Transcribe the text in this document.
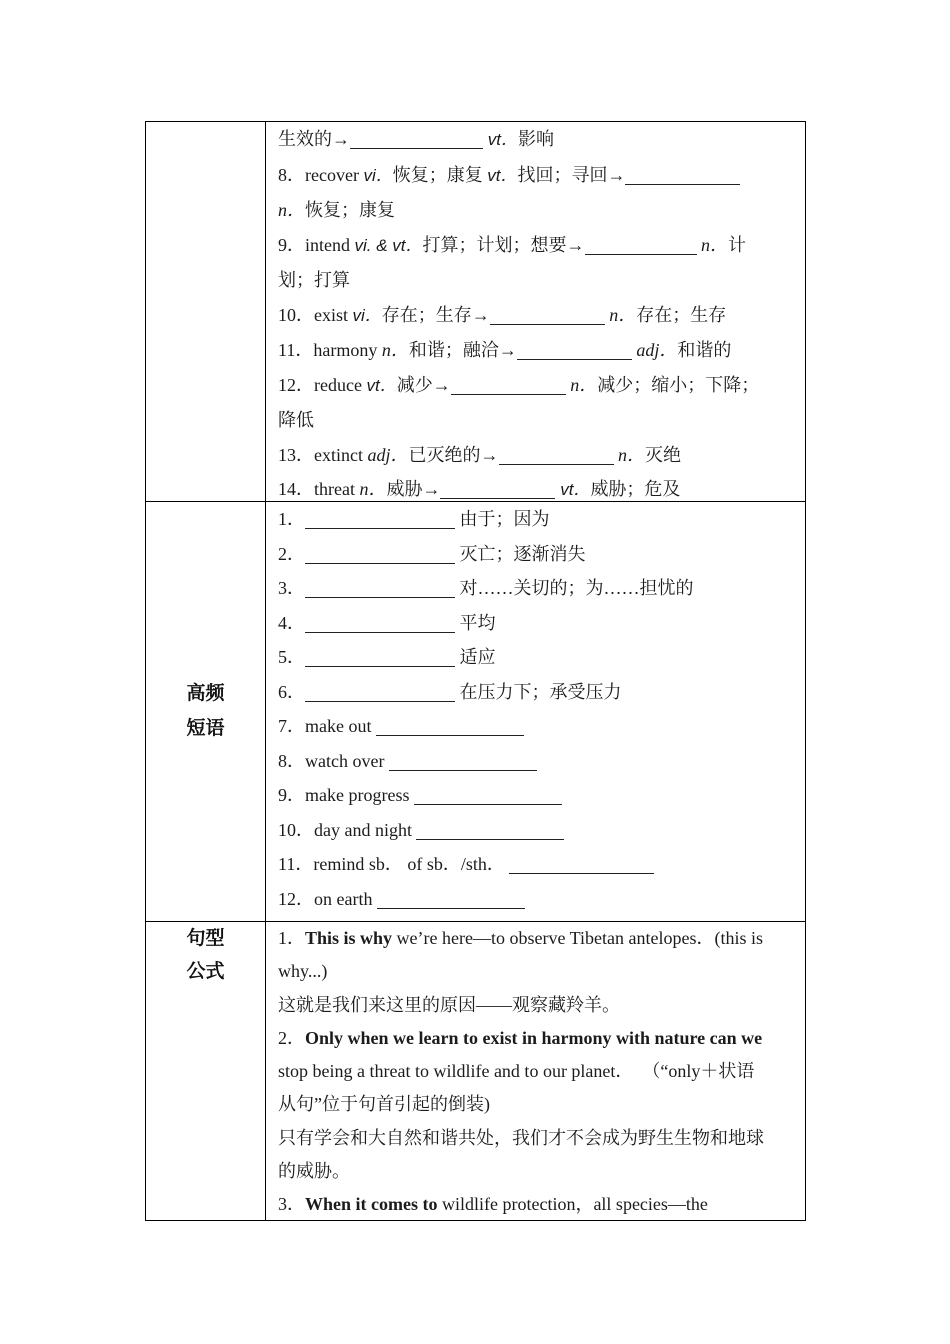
生效的→	vt．影响
8．recover vi．恢复；康复 vt．找回；寻回→
n．恢复；康复
9．intend vi. & vt．打算；计划；想要→	n．计
划；打算
10．exist vi．存在；生存→	n．存在；生存
11．harmony n．和谐；融洽→	adj．和谐的
12．reduce vt．减少→	n．减少；缩小；下降；
降低
13．extinct adj．已灭绝的→	n．灭绝
14．threat n．威胁→	vt．威胁；危及
高频
短语
1．	由于；因为
2．	灭亡；逐渐消失
3．	对……关切的；为……担忧的
4．	平均
5．	适应
6．	在压力下；承受压力
7．make out
8．watch over
9．make progress
10．day and night
11．remind sb． of sb．/sth．
12．on earth
句型
公式
1．This is why we’re here—to observe Tibetan antelopes．(this is
why...)
这就是我们来这里的原因——观察藏羚羊。
2．Only when we learn to exist in harmony with nature can we
stop being a threat to wildlife and to our planet．  （“only＋状语
从句”位于句首引起的倒装)
只有学会和大自然和谐共处，我们才不会成为野生生物和地球
的威胁。
3．When it comes to wildlife protection，all species—the
